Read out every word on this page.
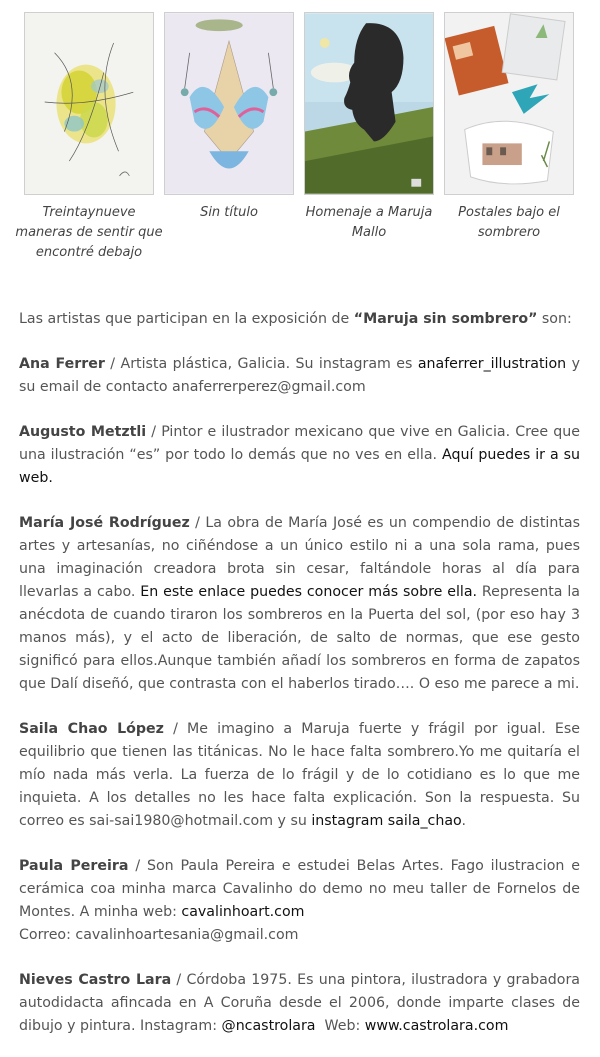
Treintaynueve maneras de sentir que encontré debajo
Sin título	Homenaje a Maruja Mallo
Postales bajo el sombrero

Las artistas que participan en la exposición de “Maruja sin sombrero” son:

Ana Ferrer / Artista plástica, Galicia. Su instagram es anaferrer_illustration y su email de contacto anaferrerperez@gmail.com

Augusto Metztli / Pintor e ilustrador mexicano que vive en Galicia. Cree que una ilustración “es” por todo lo demás que no ves en ella. Aquí puedes ir a su web.

María José Rodríguez / La obra de María José es un compendio de distintas artes y artesanías, no ciñéndose a un único estilo ni a una sola rama, pues una imaginación creadora brota sin cesar, faltándole horas al día para llevarlas a cabo. En este enlace puedes conocer más sobre ella. Representa la anécdota de cuando tiraron los sombreros en la Puerta del sol, (por eso hay 3 manos más), y el acto de liberación, de salto de normas, que ese gesto significó para ellos.Aunque también añadí los sombreros en forma de zapatos que Dalí diseñó, que contrasta con el haberlos tirado…. O eso me parece a mi.

Saila Chao López / Me imagino a Maruja fuerte y frágil por igual. Ese equilibrio que tienen las titánicas. No le hace falta sombrero.Yo me quitaría el mío nada más verla. La fuerza de lo frágil y de lo cotidiano es lo que me inquieta. A los detalles no les hace falta explicación. Son la respuesta. Su correo es sai-sai1980@hotmail.com y su instagram saila_chao.

Paula Pereira / Son Paula Pereira e estudei Belas Artes. Fago ilustracion e cerámica coa minha marca Cavalinho do demo no meu taller de Fornelos de Montes. A minha web: cavalinhoart.com
Correo: cavalinhoartesania@gmail.com

Nieves Castro Lara / Córdoba 1975. Es una pintora, ilustradora y grabadora autodidacta afincada en A Coruña desde el 2006, donde imparte clases de dibujo y pintura. Instagram: @ncastrolara  Web: www.castrolara.com
